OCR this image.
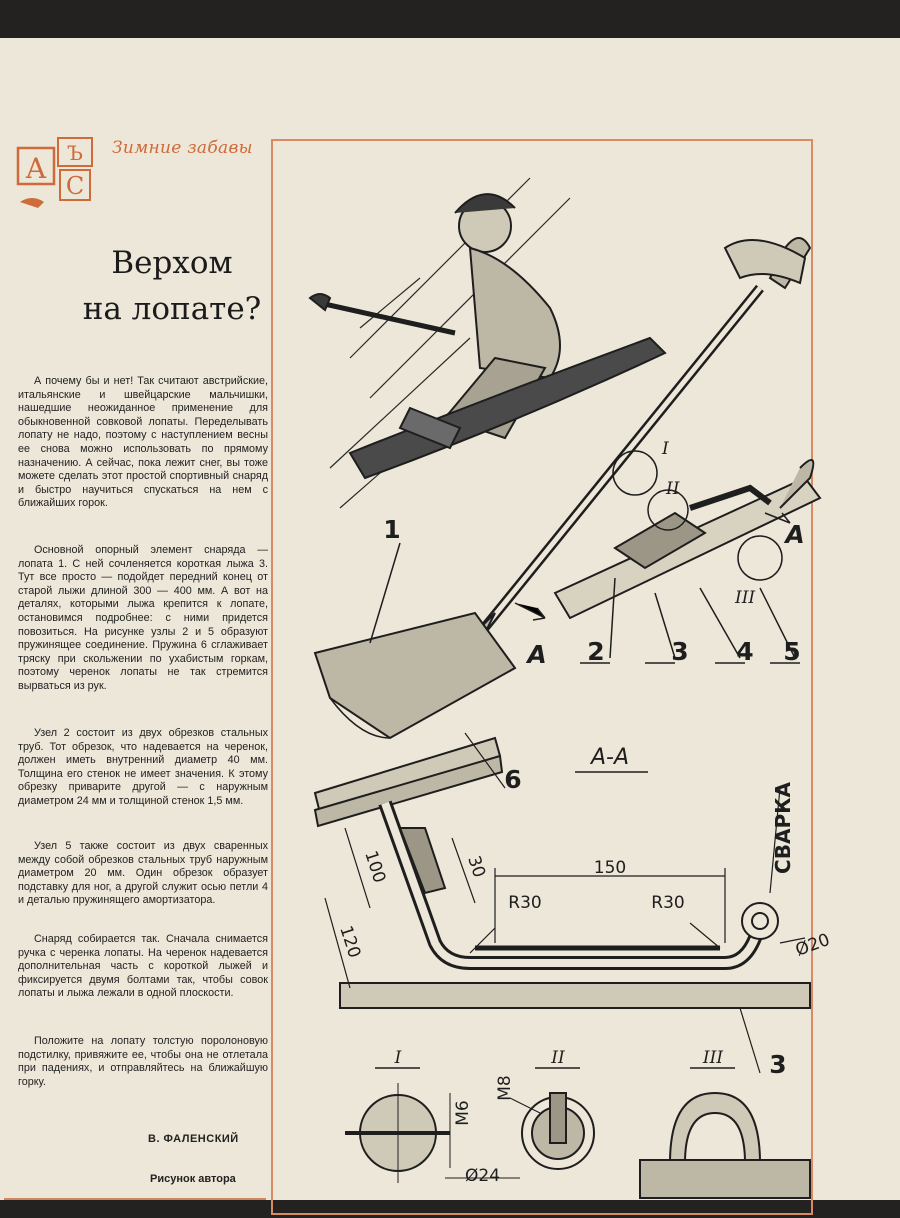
А Ъ
С
Зимние забавы
Верхом
на лопате?

А почему бы и нет! Так считают австрийские, итальянские и швейцарские мальчишки, нашедшие неожиданное применение для обыкновенной совковой лопаты. Переделывать лопату не надо, поэтому с наступлением весны ее снова можно использовать по прямому назначению. А сейчас, пока лежит снег, вы тоже можете сделать этот простой спортивный снаряд и быстро научиться спускаться на нем с ближайших горок.

Основной опорный элемент снаряда — лопата 1. С ней сочленяется короткая лыжа 3. Тут все просто — подойдет передний конец от старой лыжи длиной 300 — 400 мм. А вот на деталях, которыми лыжа крепится к лопате, остановимся подробнее: с ними придется повозиться. На рисунке узлы 2 и 5 образуют пружинящее соединение. Пружина 6 сглаживает тряску при скольжении по ухабистым горкам, поэтому черенок лопаты не так стремится вырваться из рук.

Узел 2 состоит из двух обрезков стальных труб. Тот обрезок, что надевается на черенок, должен иметь внутренний диаметр 40 мм. Толщина его стенок не имеет значения. К этому обрезку приварите другой — с наружным диаметром 24 мм и толщиной стенок 1,5 мм.

Узел 5 также состоит из двух сваренных между собой обрезков стальных труб наружным диаметром 20 мм. Один обрезок образует подставку для ног, а другой служит осью петли 4 и деталью пружинящего амортизатора.

Снаряд собирается так. Сначала снимается ручка с черенка лопаты. На черенок надевается дополнительная часть с короткой лыжей и фиксируется двумя болтами так, чтобы совок лопаты и лыжа лежали в одной плоскости.

Положите на лопату толстую поролоновую подстилку, привяжите ее, чтобы она не отлетала при падениях, и отправляйтесь на ближайшую горку.

В. ФАЛЕНСКИЙ
Рисунок автора
1
2	3 4 5
А
А
I
II
III
А-А
6
3
150
100	30
120
R30	R30
Ø20
СВАРКА
I	II	III
М6
М8
Ø24
